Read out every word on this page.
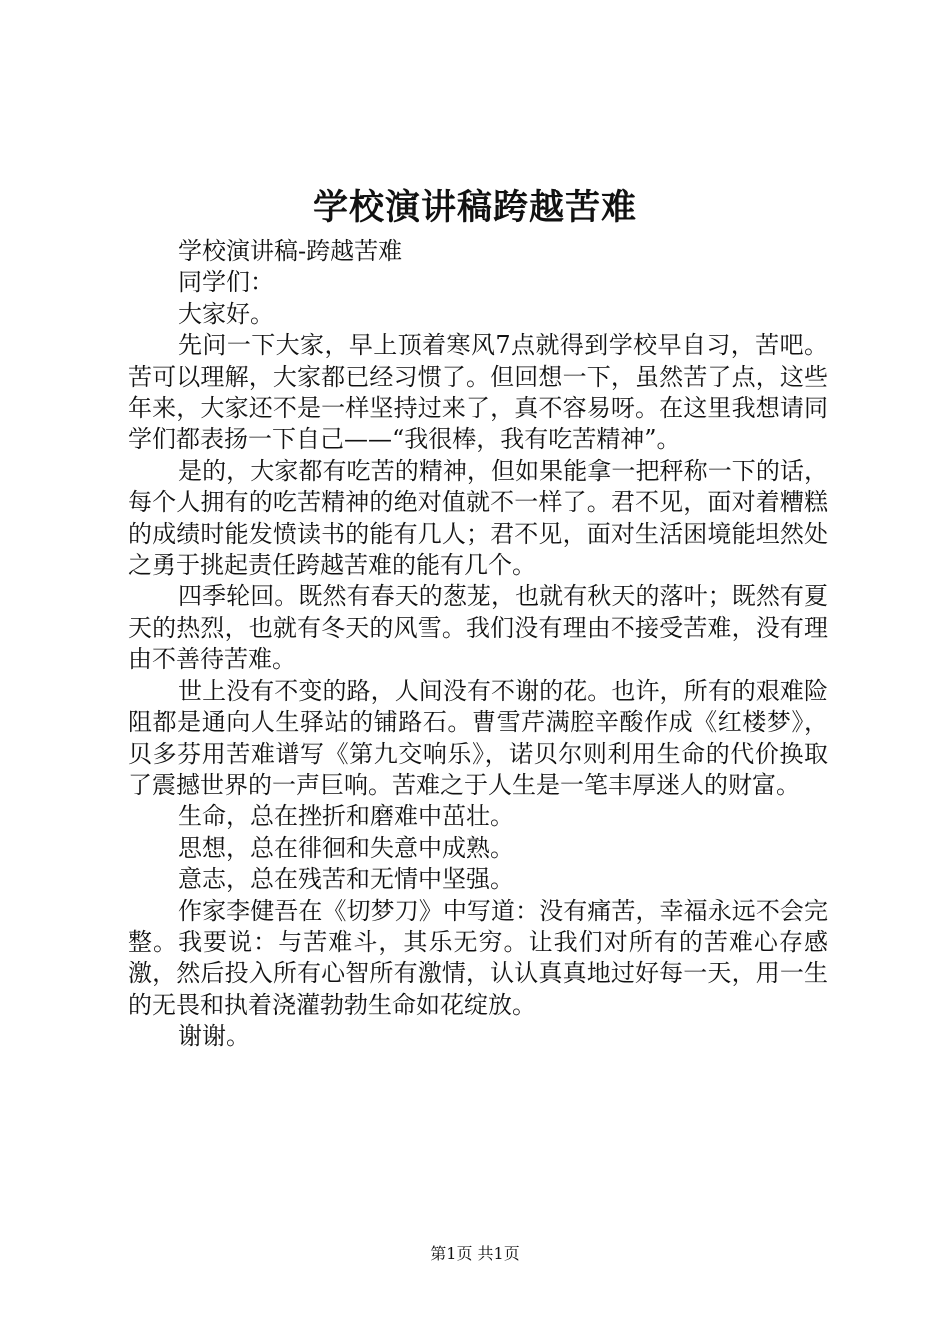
学校演讲稿跨越苦难

学校演讲稿-跨越苦难

同学们：

大家好。

先问一下大家，早上顶着寒风7点就得到学校早自习，苦吧。苦可以理解，大家都已经习惯了。但回想一下，虽然苦了点，这些年来，大家还不是一样坚持过来了，真不容易呀。在这里我想请同学们都表扬一下自己——“我很棒，我有吃苦精神”。

是的，大家都有吃苦的精神，但如果能拿一把秤称一下的话，每个人拥有的吃苦精神的绝对值就不一样了。君不见，面对着糟糕的成绩时能发愤读书的能有几人；君不见，面对生活困境能坦然处之勇于挑起责任跨越苦难的能有几个。

四季轮回。既然有春天的葱茏，也就有秋天的落叶；既然有夏天的热烈，也就有冬天的风雪。我们没有理由不接受苦难，没有理由不善待苦难。

世上没有不变的路，人间没有不谢的花。也许，所有的艰难险阻都是通向人生驿站的铺路石。曹雪芹满腔辛酸作成《红楼梦》，贝多芬用苦难谱写《第九交响乐》，诺贝尔则利用生命的代价换取了震撼世界的一声巨响。苦难之于人生是一笔丰厚迷人的财富。

生命，总在挫折和磨难中茁壮。

思想，总在徘徊和失意中成熟。

意志，总在残苦和无情中坚强。

作家李健吾在《切梦刀》中写道：没有痛苦，幸福永远不会完整。我要说：与苦难斗，其乐无穷。让我们对所有的苦难心存感激，然后投入所有心智所有激情，认认真真地过好每一天，用一生的无畏和执着浇灌勃勃生命如花绽放。

谢谢。

第1页 共1页
